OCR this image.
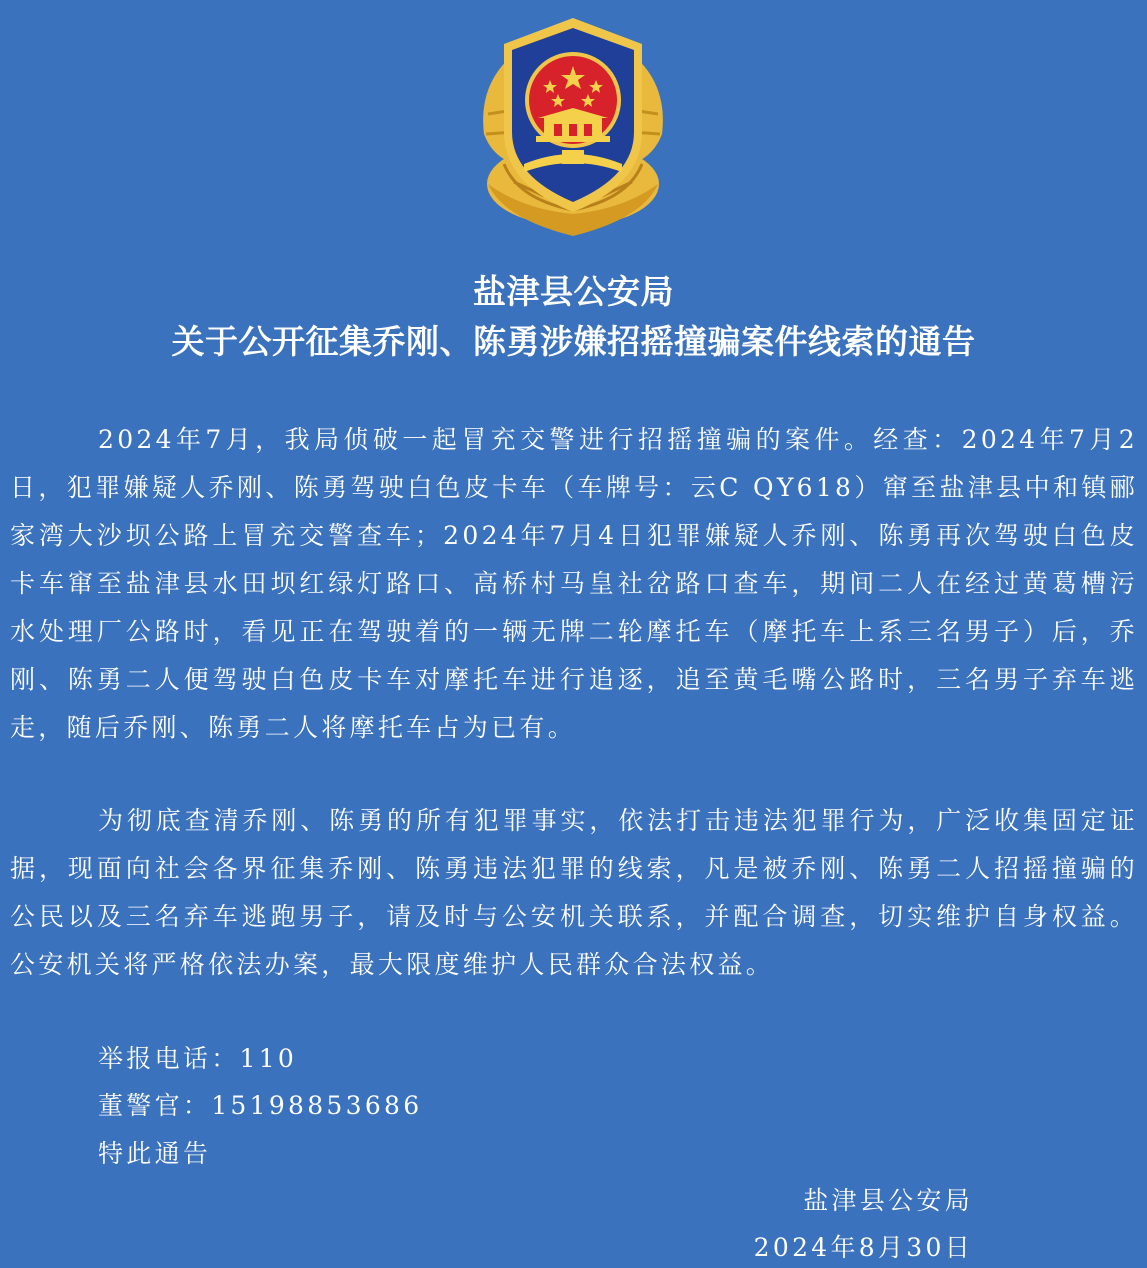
盐津县公安局
关于公开征集乔刚、陈勇涉嫌招摇撞骗案件线索的通告

2024年7月，我局侦破一起冒充交警进行招摇撞骗的案件。经查：2024年7月2日，犯罪嫌疑人乔刚、陈勇驾驶白色皮卡车（车牌号：云C QY618）窜至盐津县中和镇郦家湾大沙坝公路上冒充交警查车；2024年7月4日犯罪嫌疑人乔刚、陈勇再次驾驶白色皮卡车窜至盐津县水田坝红绿灯路口、高桥村马皇社岔路口查车，期间二人在经过黄葛槽污水处理厂公路时，看见正在驾驶着的一辆无牌二轮摩托车（摩托车上系三名男子）后，乔刚、陈勇二人便驾驶白色皮卡车对摩托车进行追逐，追至黄毛嘴公路时，三名男子弃车逃走，随后乔刚、陈勇二人将摩托车占为已有。

为彻底查清乔刚、陈勇的所有犯罪事实，依法打击违法犯罪行为，广泛收集固定证据，现面向社会各界征集乔刚、陈勇违法犯罪的线索，凡是被乔刚、陈勇二人招摇撞骗的公民以及三名弃车逃跑男子，请及时与公安机关联系，并配合调查，切实维护自身权益。公安机关将严格依法办案，最大限度维护人民群众合法权益。

举报电话：110
董警官：15198853686
特此通告
盐津县公安局
2024年8月30日
